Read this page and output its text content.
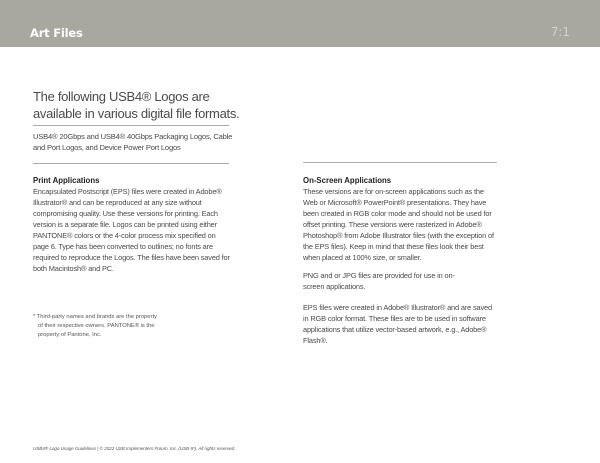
Art Files	7:1
The following USB4® Logos are available in various digital file formats.
USB4® 20Gbps and USB4® 40Gbps Packaging Logos, Cable and Port Logos, and Device Power Port Logos
Print Applications
Encapsulated Postscript (EPS) files were created in Adobe® Illustrator® and can be reproduced at any size without compromising quality. Use these versions for printing. Each version is a separate file. Logos can be printed using either PANTONE® colors or the 4-color process mix specified on page 6. Type has been converted to outlines; no fonts are required to reproduce the Logos. The files have been saved for both Macintosh® and PC.
* Third-party names and brands are the property
of their respective owners. PANTONE® is the
property of Pantone, Inc.
On-Screen Applications
These versions are for on-screen applications such as the Web or Microsoft® PowerPoint® presentations. They have been created in RGB color mode and should not be used for offset printing. These versions were rasterized in Adobe® Photoshop® from Adobe Illustrator files (with the exception of the EPS files). Keep in mind that these files look their best when placed at 100% size, or smaller.
PNG and or JPG files are provided for use in on-screen applications.
EPS files were created in Adobe® Illustrator® and are saved in RGB color format. These files are to be used in software applications that utilize vector-based artwork, e.g., Adobe® Flash®.
USB4® Logo Usage Guidelines | © 2022 USB Implementers Forum, Inc. (USB-IF). All rights reserved.
